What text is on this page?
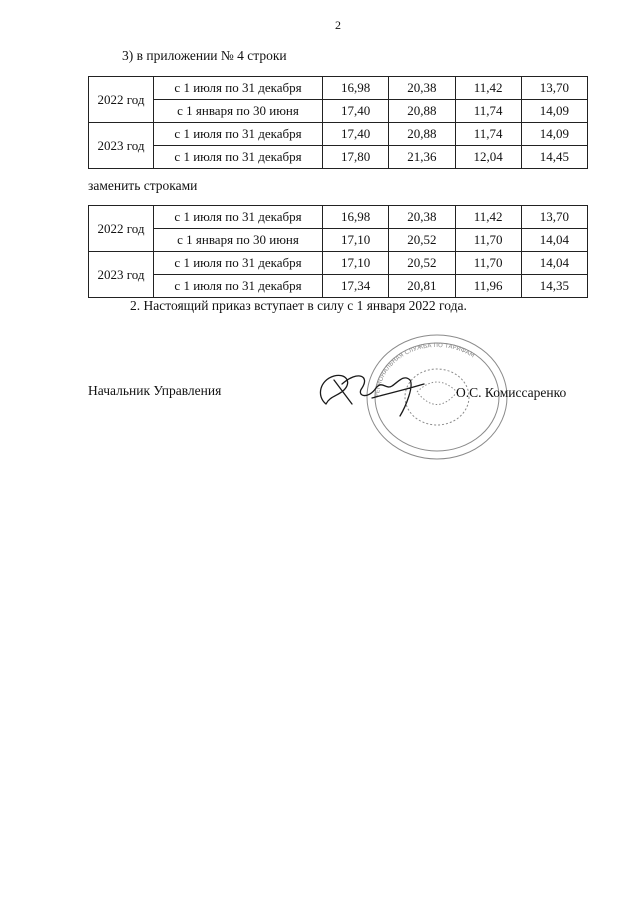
2
3) в приложении № 4 строки
2022 год	с 1 июля по 31 декабря	16,98	20,38	11,42	13,70
	с 1 января по 30 июня	17,40	20,88	11,74	14,09
2023 год	с 1 июля по 31 декабря	17,40	20,88	11,74	14,09
	с 1 июля по 31 декабря	17,80	21,36	12,04	14,45
заменить строками
2022 год	с 1 июля по 31 декабря	16,98	20,38	11,42	13,70
	с 1 января по 30 июня	17,10	20,52	11,70	14,04
2023 год	с 1 июля по 31 декабря	17,10	20,52	11,70	14,04
	с 1 июля по 31 декабря	17,34	20,81	11,96	14,35
2. Настоящий приказ вступает в силу с 1 января 2022 года.
РЕГИОНАЛЬНАЯ СЛУЖБА ПО ТАРИФАМ
Начальник Управления	О.С. Комиссаренко
